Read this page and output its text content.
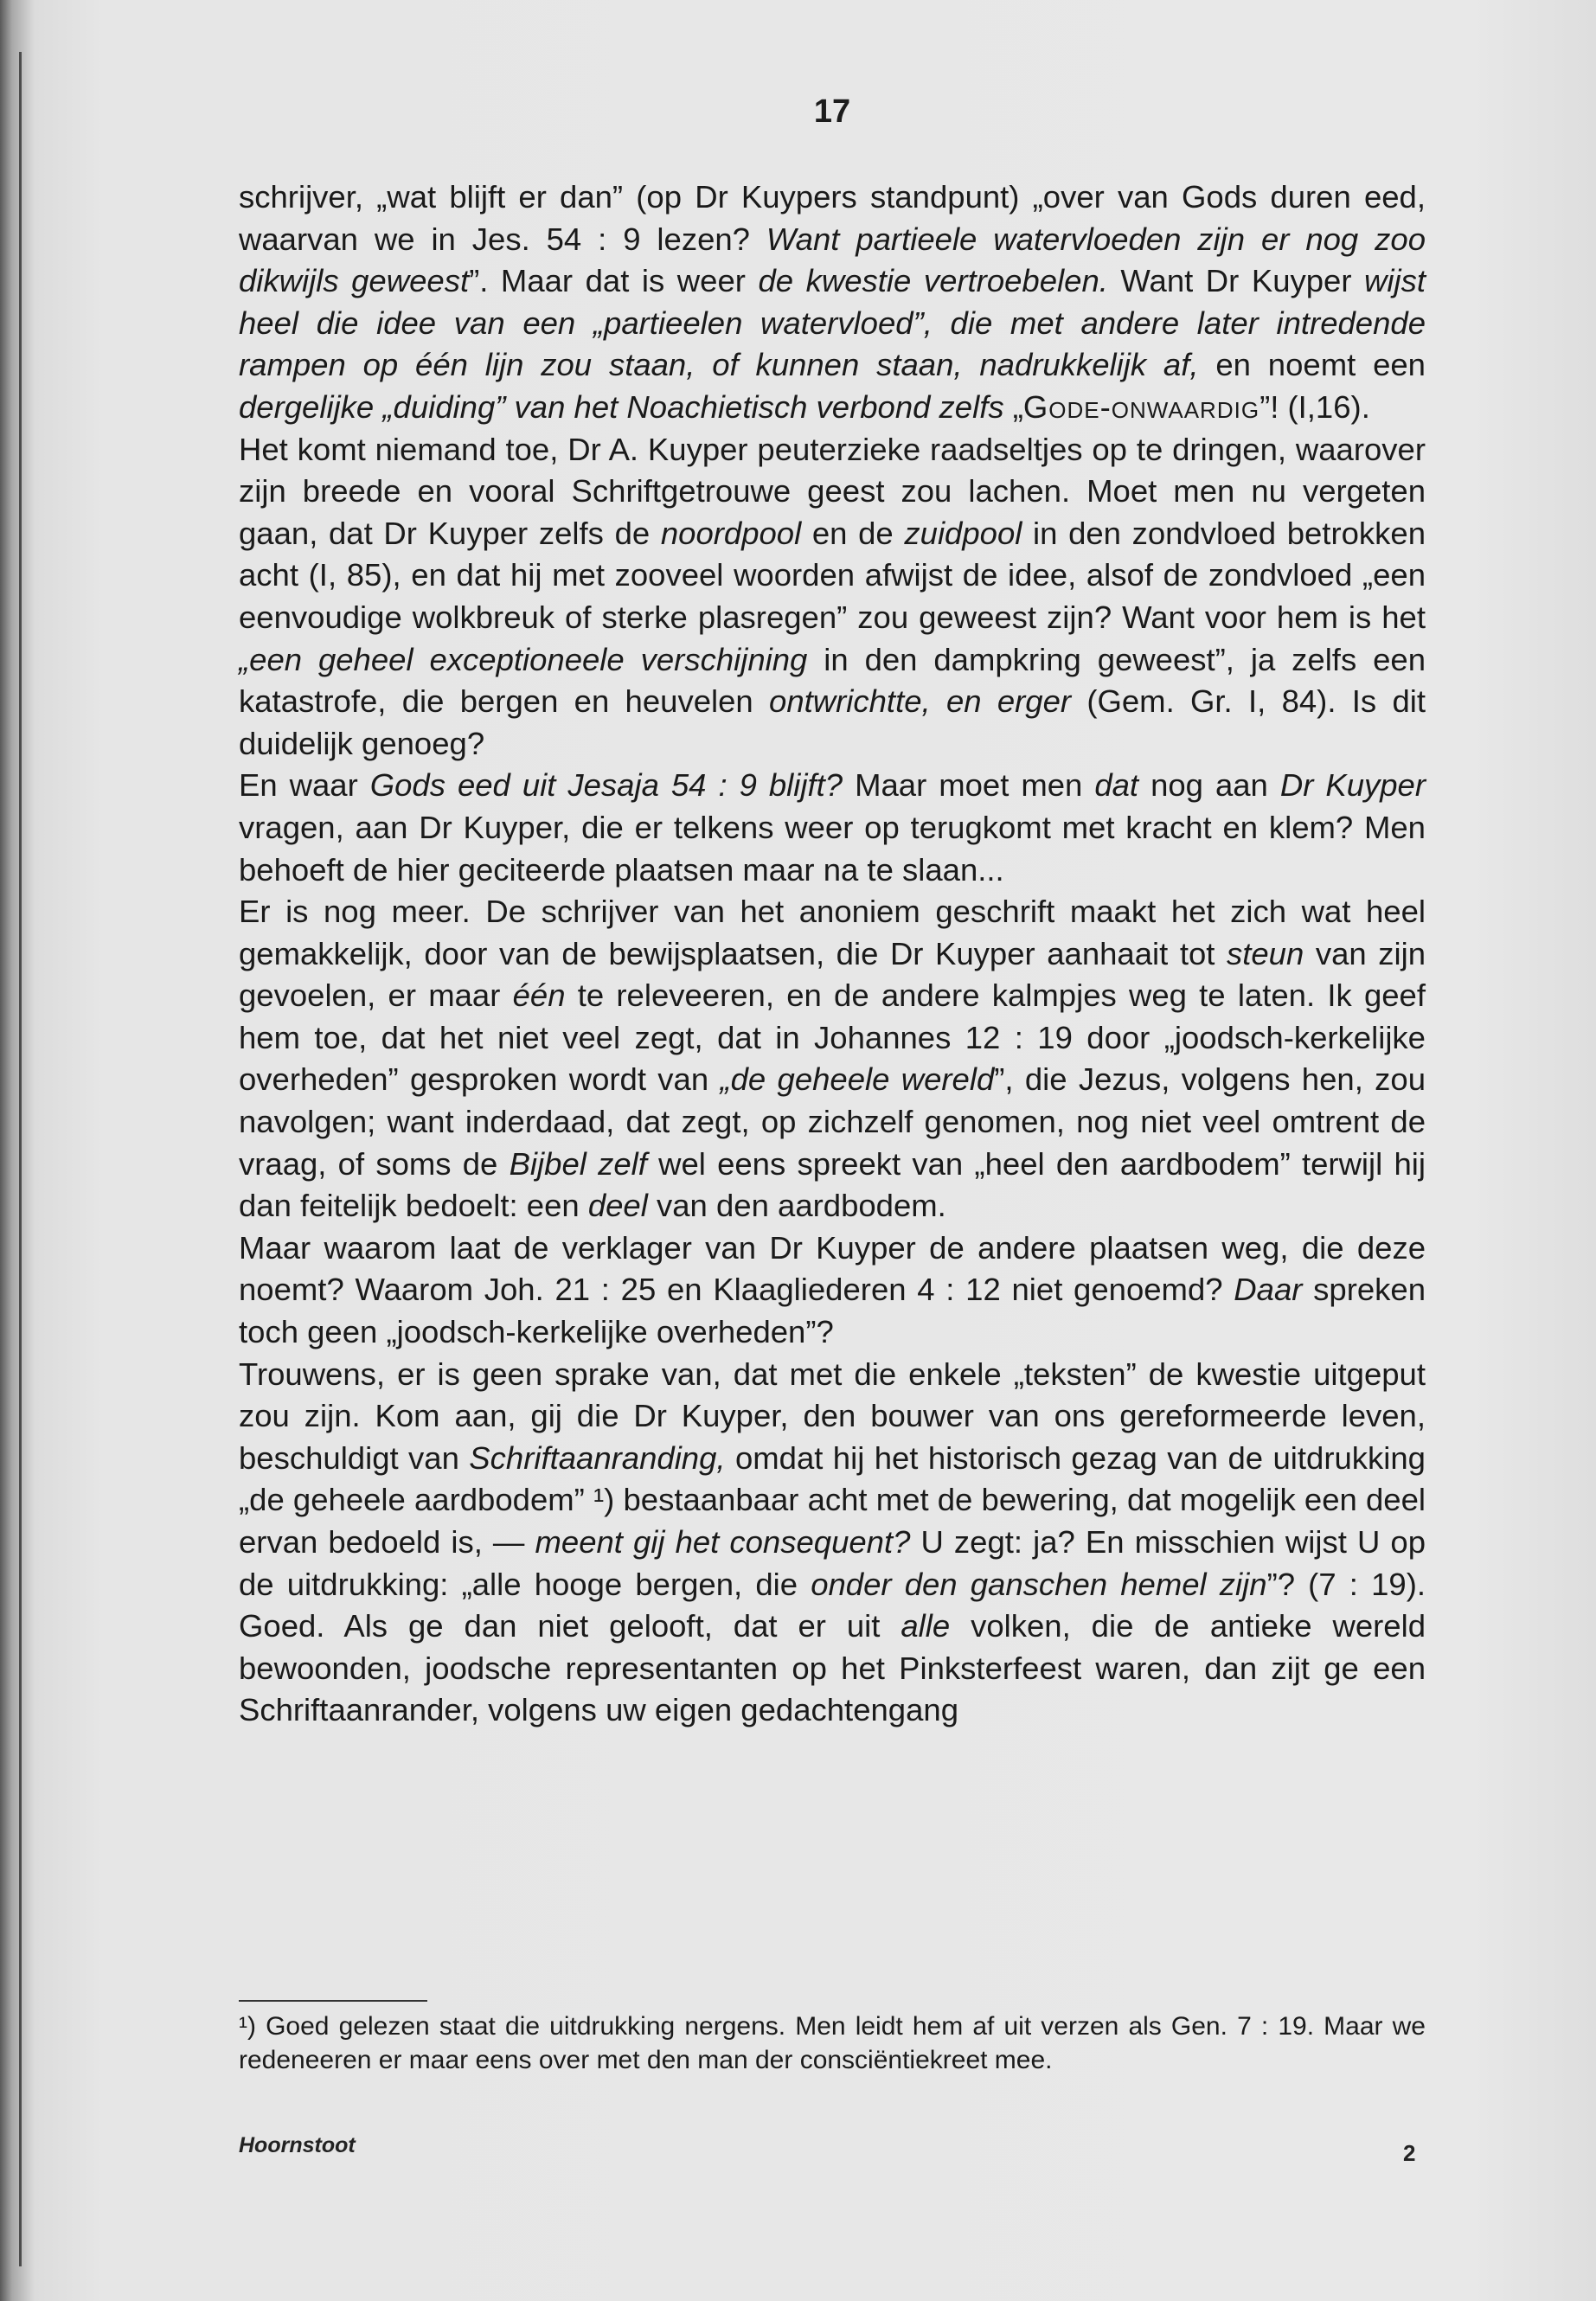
17

schrijver, „wat blijft er dan” (op Dr Kuypers standpunt) „over van Gods duren eed, waarvan we in Jes. 54 : 9 lezen? Want partieele watervloeden zijn er nog zoo dikwijls geweest”. Maar dat is weer de kwestie vertroebelen. Want Dr Kuyper wijst heel die idee van een „partieelen watervloed”, die met andere later intredende rampen op één lijn zou staan, of kunnen staan, nadrukkelijk af, en noemt een dergelijke „duiding” van het Noachietisch verbond zelfs „Gode-onwaardig”! (I,16).

Het komt niemand toe, Dr A. Kuyper peuterzieke raadseltjes op te dringen, waarover zijn breede en vooral Schriftgetrouwe geest zou lachen. Moet men nu vergeten gaan, dat Dr Kuyper zelfs de noordpool en de zuidpool in den zondvloed betrokken acht (I, 85), en dat hij met zooveel woorden afwijst de idee, alsof de zondvloed „een eenvoudige wolkbreuk of sterke plasregen” zou geweest zijn? Want voor hem is het „een geheel exceptioneele verschijning in den dampkring geweest”, ja zelfs een katastrofe, die bergen en heuvelen ontwrichtte, en erger (Gem. Gr. I, 84). Is dit duidelijk genoeg?

En waar Gods eed uit Jesaja 54 : 9 blijft? Maar moet men dat nog aan Dr Kuyper vragen, aan Dr Kuyper, die er telkens weer op terugkomt met kracht en klem? Men behoeft de hier geciteerde plaatsen maar na te slaan...

Er is nog meer. De schrijver van het anoniem geschrift maakt het zich wat heel gemakkelijk, door van de bewijsplaatsen, die Dr Kuyper aanhaait tot steun van zijn gevoelen, er maar één te releveeren, en de andere kalmpjes weg te laten. Ik geef hem toe, dat het niet veel zegt, dat in Johannes 12 : 19 door „joodsch-kerkelijke overheden” gesproken wordt van „de geheele wereld”, die Jezus, volgens hen, zou navolgen; want inderdaad, dat zegt, op zichzelf genomen, nog niet veel omtrent de vraag, of soms de Bijbel zelf wel eens spreekt van „heel den aardbodem” terwijl hij dan feitelijk bedoelt: een deel van den aardbodem.

Maar waarom laat de verklager van Dr Kuyper de andere plaatsen weg, die deze noemt? Waarom Joh. 21 : 25 en Klaagliederen 4 : 12 niet genoemd? Daar spreken toch geen „joodsch-kerkelijke overheden”?

Trouwens, er is geen sprake van, dat met die enkele „teksten” de kwestie uitgeput zou zijn. Kom aan, gij die Dr Kuyper, den bouwer van ons gereformeerde leven, beschuldigt van Schriftaanranding, omdat hij het historisch gezag van de uitdrukking „de geheele aardbodem” ¹) bestaanbaar acht met de bewering, dat mogelijk een deel ervan bedoeld is, — meent gij het consequent? U zegt: ja? En misschien wijst U op de uitdrukking: „alle hooge bergen, die onder den ganschen hemel zijn”? (7 : 19). Goed. Als ge dan niet gelooft, dat er uit alle volken, die de antieke wereld bewoonden, joodsche representanten op het Pinksterfeest waren, dan zijt ge een Schriftaanrander, volgens uw eigen gedachtengang

¹) Goed gelezen staat die uitdrukking nergens. Men leidt hem af uit verzen als Gen. 7 : 19. Maar we redeneeren er maar eens over met den man der consciëntiekreet mee.
Hoornstoot	2
